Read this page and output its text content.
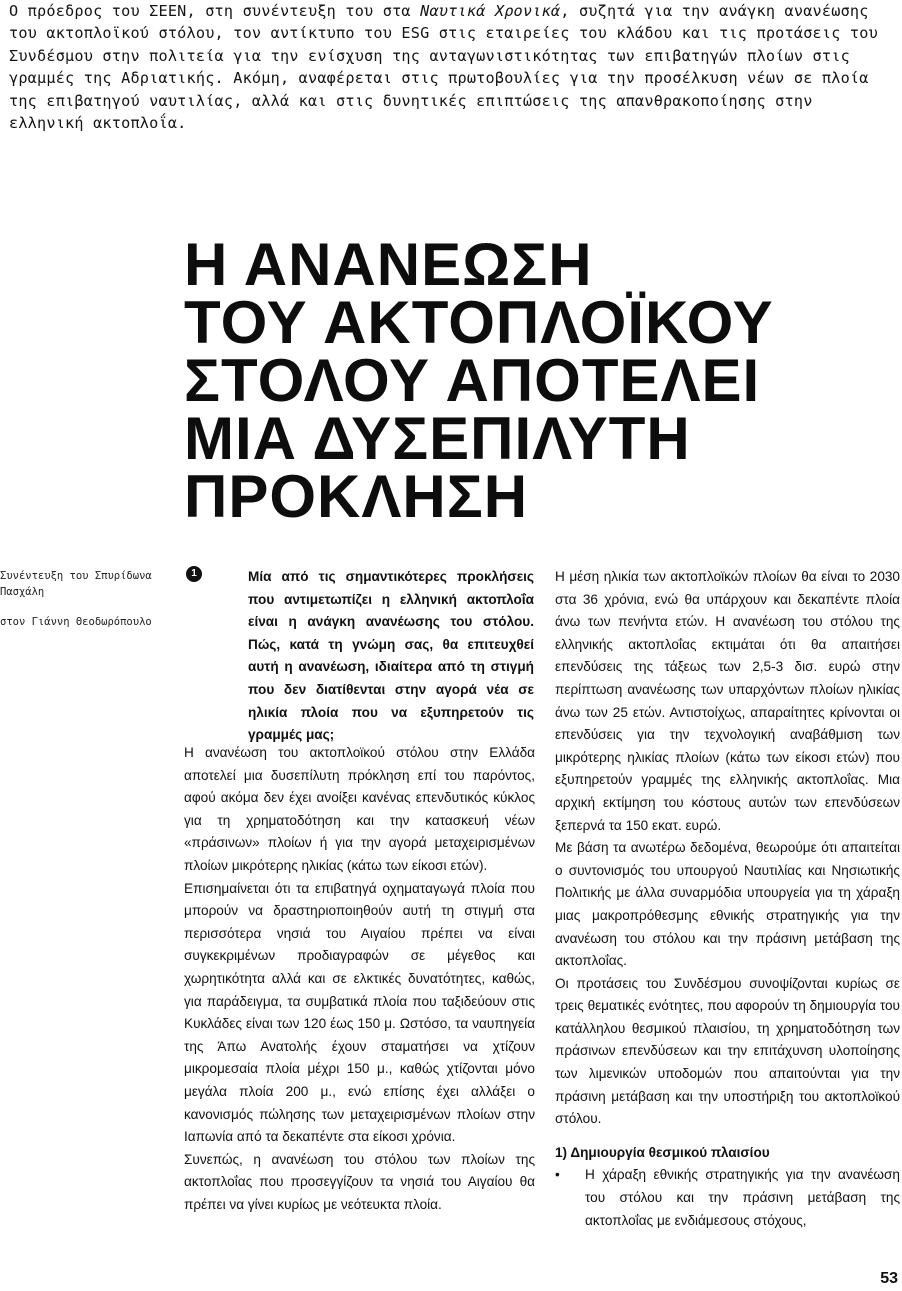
Ο πρόεδρος του ΣΕΕΝ, στη συνέντευξη του στα Ναυτικά Χρονικά, συζητά για την ανάγκη ανανέωσης του ακτοπλοϊκού στόλου, τον αντίκτυπο του ESG στις εταιρείες του κλάδου και τις προτάσεις του Συνδέσμου στην πολιτεία για την ενίσχυση της ανταγωνιστικότητας των επιβατηγών πλοίων στις γραμμές της Αδριατικής. Ακόμη, αναφέρεται στις πρωτοβουλίες για την προσέλκυση νέων σε πλοία της επιβατηγού ναυτιλίας, αλλά και στις δυνητικές επιπτώσεις της απανθρακοποίησης στην ελληνική ακτοπλοΐα.

Η ΑΝΑΝΕΩΣΗ
ΤΟΥ ΑΚΤΟΠΛΟΪΚΟΥ
ΣΤΟΛΟΥ ΑΠΟΤΕΛΕΙ
ΜΙΑ ΔΥΣΕΠΙΛΥΤΗ
ΠΡΟΚΛΗΣΗ

Συνέντευξη του Σπυρίδωνα Πασχάλη

στον Γιάννη Θεοδωρόπουλο

1	Μία από τις σημαντικότερες προκλήσεις που αντιμετωπίζει η ελληνική ακτοπλοΐα είναι η ανάγκη ανανέωσης του στόλου. Πώς, κατά τη γνώμη σας, θα επιτευχθεί αυτή η ανανέωση, ιδιαίτερα από τη στιγμή που δεν διατίθενται στην αγορά νέα σε ηλικία πλοία που να εξυπηρετούν τις γραμμές μας;

Η ανανέωση του ακτοπλοϊκού στόλου στην Ελλάδα αποτελεί μια δυσεπίλυτη πρόκληση επί του παρόντος, αφού ακόμα δεν έχει ανοίξει κανένας επενδυτικός κύκλος για τη χρηματοδότηση και την κατασκευή νέων «πράσινων» πλοίων ή για την αγορά μεταχειρισμένων πλοίων μικρότερης ηλικίας (κάτω των είκοσι ετών).

Επισημαίνεται ότι τα επιβατηγά οχηματαγωγά πλοία που μπορούν να δραστηριοποιηθούν αυτή τη στιγμή στα περισσότερα νησιά του Αιγαίου πρέπει να είναι συγκεκριμένων προδιαγραφών σε μέγεθος και χωρητικότητα αλλά και σε ελκτικές δυνατότητες, καθώς, για παράδειγμα, τα συμβατικά πλοία που ταξιδεύουν στις Κυκλάδες είναι των 120 έως 150 μ. Ωστόσο, τα ναυπηγεία της Άπω Ανατολής έχουν σταματήσει να χτίζουν μικρομεσαία πλοία μέχρι 150 μ., καθώς χτίζονται μόνο μεγάλα πλοία 200 μ., ενώ επίσης έχει αλλάξει ο κανονισμός πώλησης των μεταχειρισμένων πλοίων στην Ιαπωνία από τα δεκαπέντε στα είκοσι χρόνια.

Συνεπώς, η ανανέωση του στόλου των πλοίων της ακτοπλοΐας που προσεγγίζουν τα νησιά του Αιγαίου θα πρέπει να γίνει κυρίως με νεότευκτα πλοία.

Η μέση ηλικία των ακτοπλοϊκών πλοίων θα είναι το 2030 στα 36 χρόνια, ενώ θα υπάρχουν και δεκαπέντε πλοία άνω των πενήντα ετών. Η ανανέωση του στόλου της ελληνικής ακτοπλοΐας εκτιμάται ότι θα απαιτήσει επενδύσεις της τάξεως των 2,5-3 δισ. ευρώ στην περίπτωση ανανέωσης των υπαρχόντων πλοίων ηλικίας άνω των 25 ετών. Αντιστοίχως, απαραίτητες κρίνονται οι επενδύσεις για την τεχνολογική αναβάθμιση των μικρότερης ηλικίας πλοίων (κάτω των είκοσι ετών) που εξυπηρετούν γραμμές της ελληνικής ακτοπλοΐας. Μια αρχική εκτίμηση του κόστους αυτών των επενδύσεων ξεπερνά τα 150 εκατ. ευρώ.

Με βάση τα ανωτέρω δεδομένα, θεωρούμε ότι απαιτείται ο συντονισμός του υπουργού Ναυτιλίας και Νησιωτικής Πολιτικής με άλλα συναρμόδια υπουργεία για τη χάραξη μιας μακροπρόθεσμης εθνικής στρατηγικής για την ανανέωση του στόλου και την πράσινη μετάβαση της ακτοπλοΐας.

Οι προτάσεις του Συνδέσμου συνοψίζονται κυρίως σε τρεις θεματικές ενότητες, που αφορούν τη δημιουργία του κατάλληλου θεσμικού πλαισίου, τη χρηματοδότηση των πράσινων επενδύσεων και την επιτάχυνση υλοποίησης των λιμενικών υποδομών που απαιτούνται για την πράσινη μετάβαση και την υποστήριξη του ακτοπλοϊκού στόλου.

1) Δημιουργία θεσμικού πλαισίου
•	Η χάραξη εθνικής στρατηγικής για την ανανέωση του στόλου και την πράσινη μετάβαση της ακτοπλοΐας με ενδιάμεσους στόχους,
53
